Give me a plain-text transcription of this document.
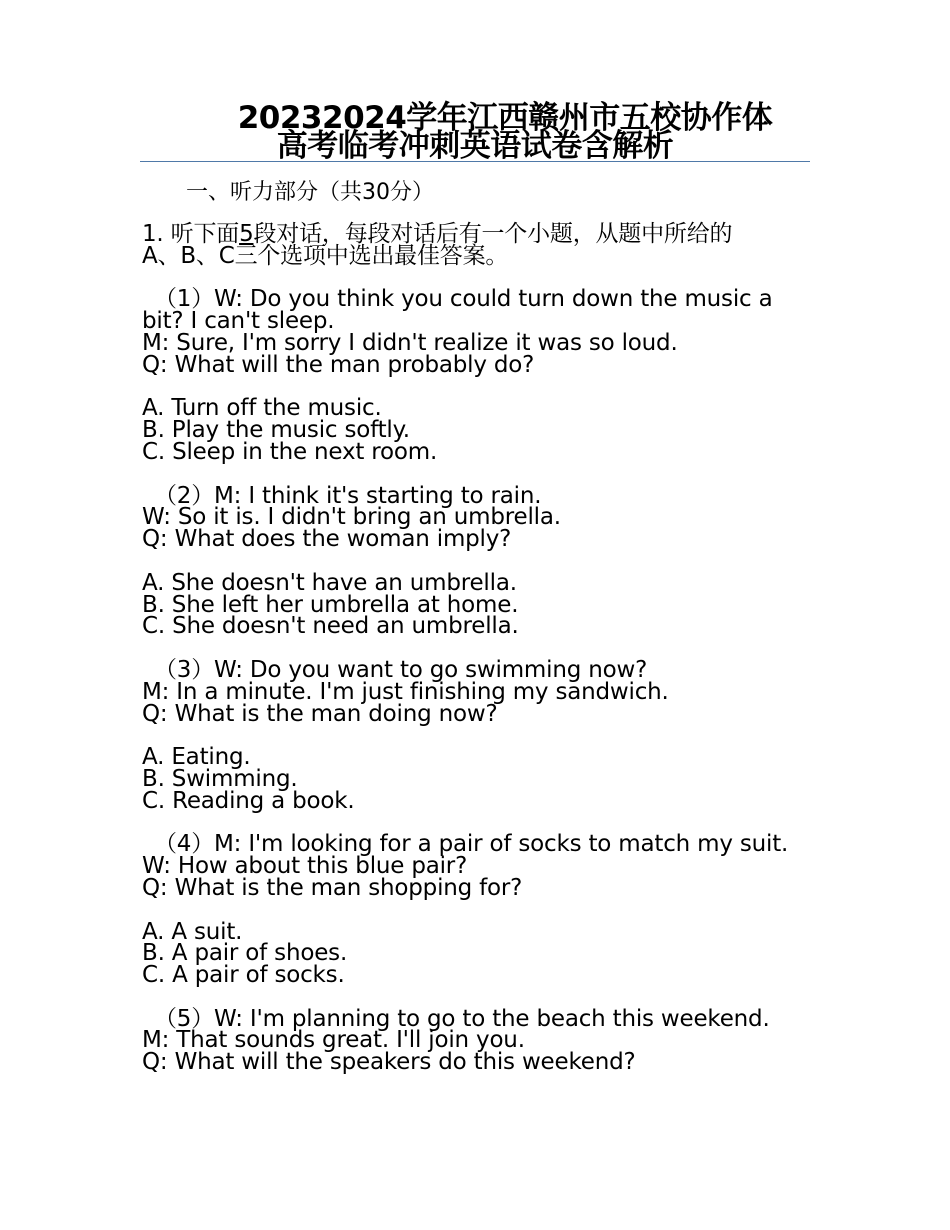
20232024学年江西赣州市五校协作体
高考临考冲刺英语试卷含解析
一、听力部分（共30分）
1. 听下面5段对话，每段对话后有一个小题，从题中所给的
A、B、C三个选项中选出最佳答案。
（1）W: Do you think you could turn down the music a
bit? I can't sleep.
M: Sure, I'm sorry I didn't realize it was so loud.
Q: What will the man probably do?
A. Turn off the music.
B. Play the music softly.
C. Sleep in the next room.
（2）M: I think it's starting to rain.
W: So it is. I didn't bring an umbrella.
Q: What does the woman imply?
A. She doesn't have an umbrella.
B. She left her umbrella at home.
C. She doesn't need an umbrella.
（3）W: Do you want to go swimming now?
M: In a minute. I'm just finishing my sandwich.
Q: What is the man doing now?
A. Eating.
B. Swimming.
C. Reading a book.
（4）M: I'm looking for a pair of socks to match my suit.
W: How about this blue pair?
Q: What is the man shopping for?
A. A suit.
B. A pair of shoes.
C. A pair of socks.
（5）W: I'm planning to go to the beach this weekend.
M: That sounds great. I'll join you.
Q: What will the speakers do this weekend?
